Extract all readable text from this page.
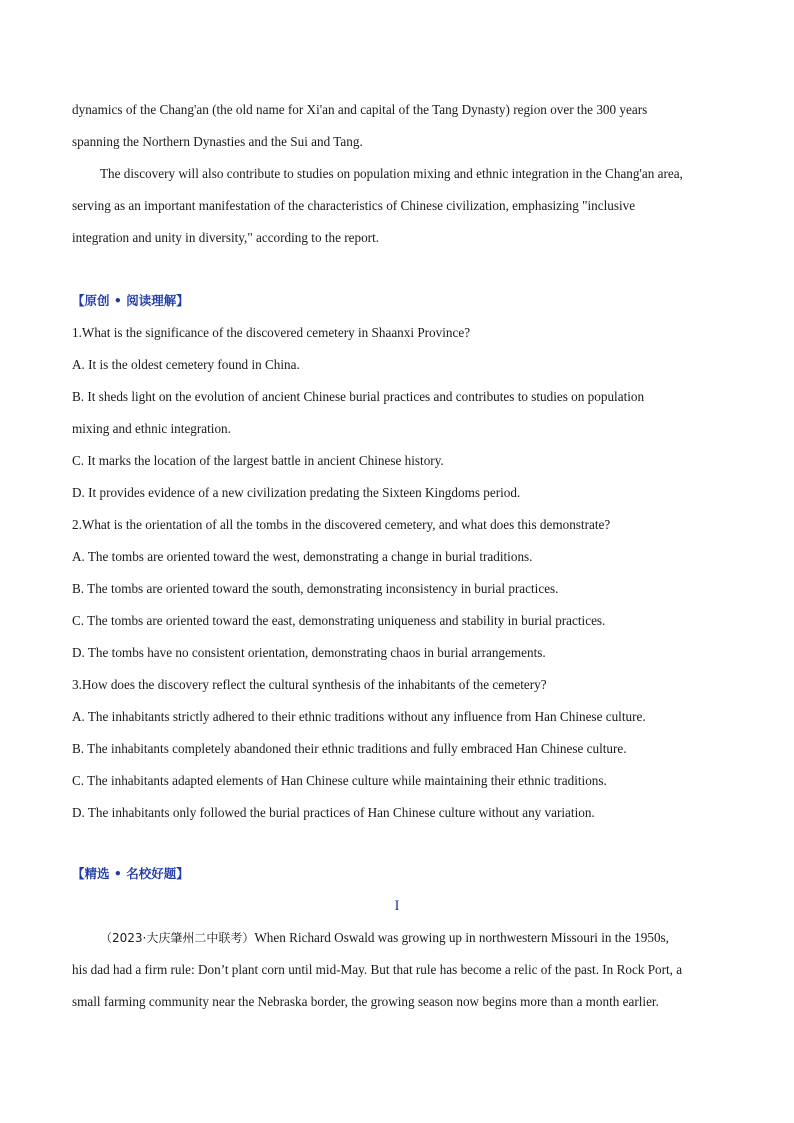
dynamics of the Chang'an (the old name for Xi'an and capital of the Tang Dynasty) region over the 300 years
spanning the Northern Dynasties and the Sui and Tang.
The discovery will also contribute to studies on population mixing and ethnic integration in the Chang'an area,
serving as an important manifestation of the characteristics of Chinese civilization, emphasizing "inclusive
integration and unity in diversity," according to the report.
【原创 • 阅读理解】
1.What is the significance of the discovered cemetery in Shaanxi Province?
A. It is the oldest cemetery found in China.
B. It sheds light on the evolution of ancient Chinese burial practices and contributes to studies on population
mixing and ethnic integration.
C. It marks the location of the largest battle in ancient Chinese history.
D. It provides evidence of a new civilization predating the Sixteen Kingdoms period.
2.What is the orientation of all the tombs in the discovered cemetery, and what does this demonstrate?
A. The tombs are oriented toward the west, demonstrating a change in burial traditions.
B. The tombs are oriented toward the south, demonstrating inconsistency in burial practices.
C. The tombs are oriented toward the east, demonstrating uniqueness and stability in burial practices.
D. The tombs have no consistent orientation, demonstrating chaos in burial arrangements.
3.How does the discovery reflect the cultural synthesis of the inhabitants of the cemetery?
A. The inhabitants strictly adhered to their ethnic traditions without any influence from Han Chinese culture.
B. The inhabitants completely abandoned their ethnic traditions and fully embraced Han Chinese culture.
C. The inhabitants adapted elements of Han Chinese culture while maintaining their ethnic traditions.
D. The inhabitants only followed the burial practices of Han Chinese culture without any variation.
【精选 • 名校好题】
I
（2023·大庆肇州二中联考）When Richard Oswald was growing up in northwestern Missouri in the 1950s,
his dad had a firm rule: Don’t plant corn until mid-May. But that rule has become a relic of the past. In Rock Port, a
small farming community near the Nebraska border, the growing season now begins more than a month earlier.
